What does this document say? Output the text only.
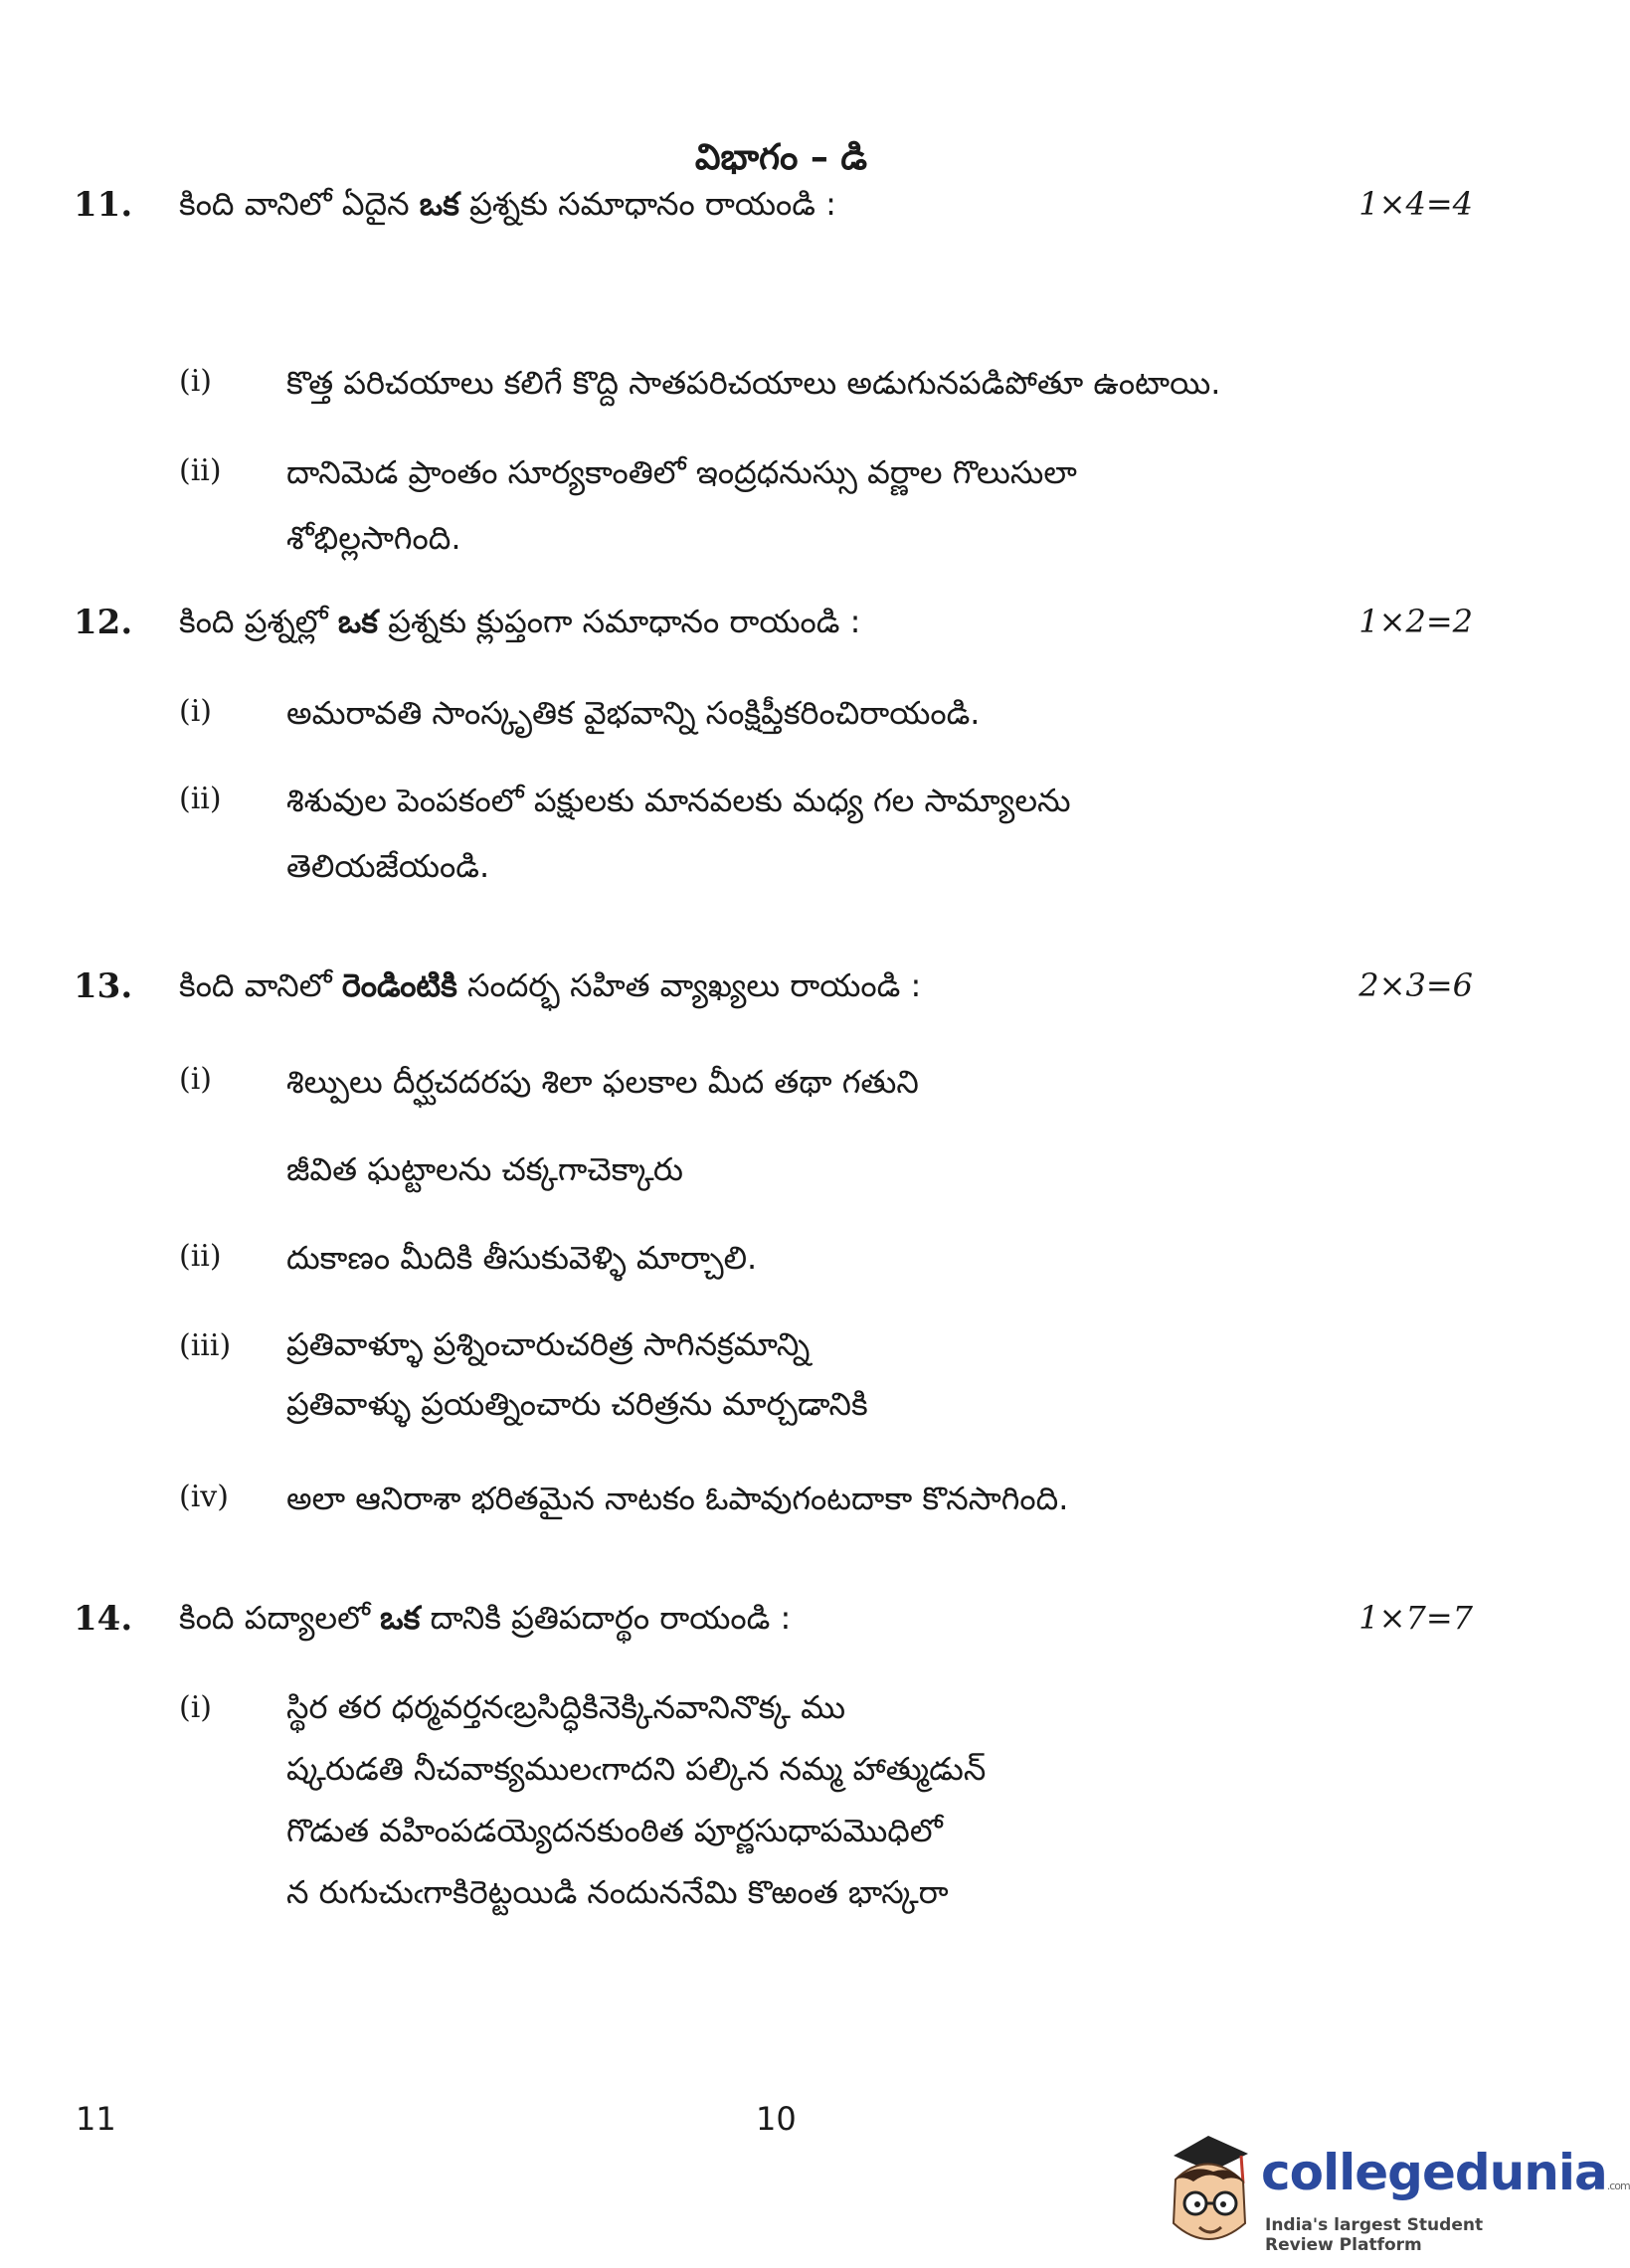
విభాగం – డి
11. కింది వానిలో ఏదైన ఒక ప్రశ్నకు సమాధానం రాయండి :	1×4=4
(i) కొత్త పరిచయాలు కలిగే కొద్ది సాతపరిచయాలు అడుగునపడిపోతూ ఉంటాయి.
(ii) దానిమెడ ప్రాంతం సూర్యకాంతిలో ఇంద్రధనుస్సు వర్ణాల గొలుసులా
శోభిల్లసాగింది.
12. కింది ప్రశ్నల్లో ఒక ప్రశ్నకు క్లుప్తంగా సమాధానం రాయండి :	1×2=2
(i) అమరావతి సాంస్కృతిక వైభవాన్ని సంక్షిప్తీకరించిరాయండి.
(ii) శిశువుల పెంపకంలో పక్షులకు మానవలకు మధ్య గల సామ్యాలను
తెలియజేయండి.
13. కింది వానిలో రెండింటికి సందర్భ సహిత వ్యాఖ్యలు రాయండి :	2×3=6
(i) శిల్పులు దీర్ఘచదరపు శిలా ఫలకాల మీద తథా గతుని
జీవిత ఘట్టాలను చక్కగాచెక్కారు
(ii) దుకాణం మీదికి తీసుకువెళ్ళి మార్చాలి.
(iii) ప్రతివాళ్ళూ ప్రశ్నించారుచరిత్ర సాగినక్రమాన్ని
ప్రతివాళ్ళు ప్రయత్నించారు చరిత్రను మార్చడానికి
(iv) అలా ఆనిరాశా భరితమైన నాటకం ఓపావుగంటదాకా కొనసాగింది.
14. కింది పద్యాలలో ఒక దానికి ప్రతిపదార్థం రాయండి :	1×7=7
(i) స్థిర తర ధర్మవర్తనఁబ్రసిద్ధికినెక్కినవానినొక్క ము
ష్కరుడతి నీచవాక్యములఁగాదని పల్కిన నమ్మ హాత్ముడున్
గొడుత వహింపడయ్యెదనకుంఠిత పూర్ణసుధాపమొధిలో
న రుగుచుఁగాకిరెట్టయిడి నందుననేమి కొఱంత భాస్కరా
11	10
collegedunia.com
India's largest Student Review Platform
